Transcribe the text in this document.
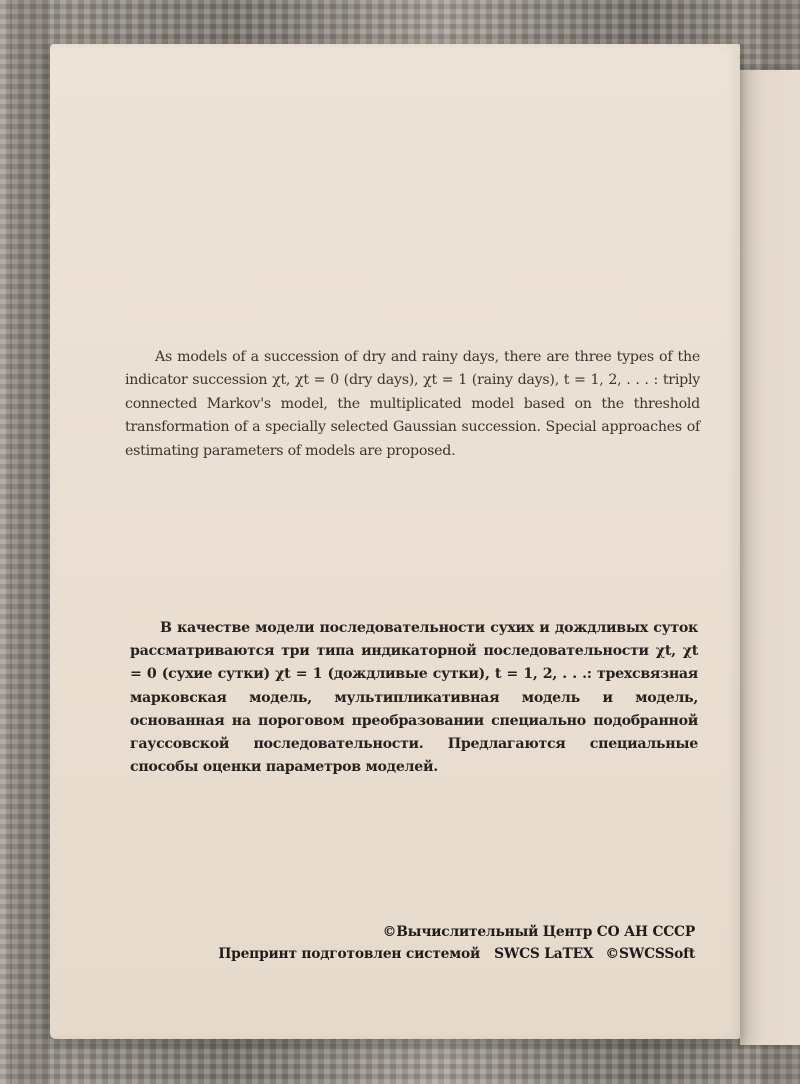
As models of a succession of dry and rainy days, there are three types of the indicator succession χt, χt = 0 (dry days), χt = 1 (rainy days), t = 1, 2, . . . : triply connected Markov's model, the multiplicated model based on the threshold transformation of a specially selected Gaussian succession. Special approaches of estimating parameters of models are proposed.

В качестве модели последовательности сухих и дождливых суток рассматриваются три типа индикаторной последовательности χt, χt = 0 (сухие сутки) χt = 1 (дождливые сутки), t = 1, 2, . . .: трехсвязная марковская модель, мультипликативная модель и модель, основанная на пороговом преобразовании специально подобранной гауссовской последовательности. Предлагаются специальные способы оценки параметров моделей.

©Вычислительный Центр СО АН СССР
Препринт подготовлен системой SWCS LaTEX ©SWCSSoft
